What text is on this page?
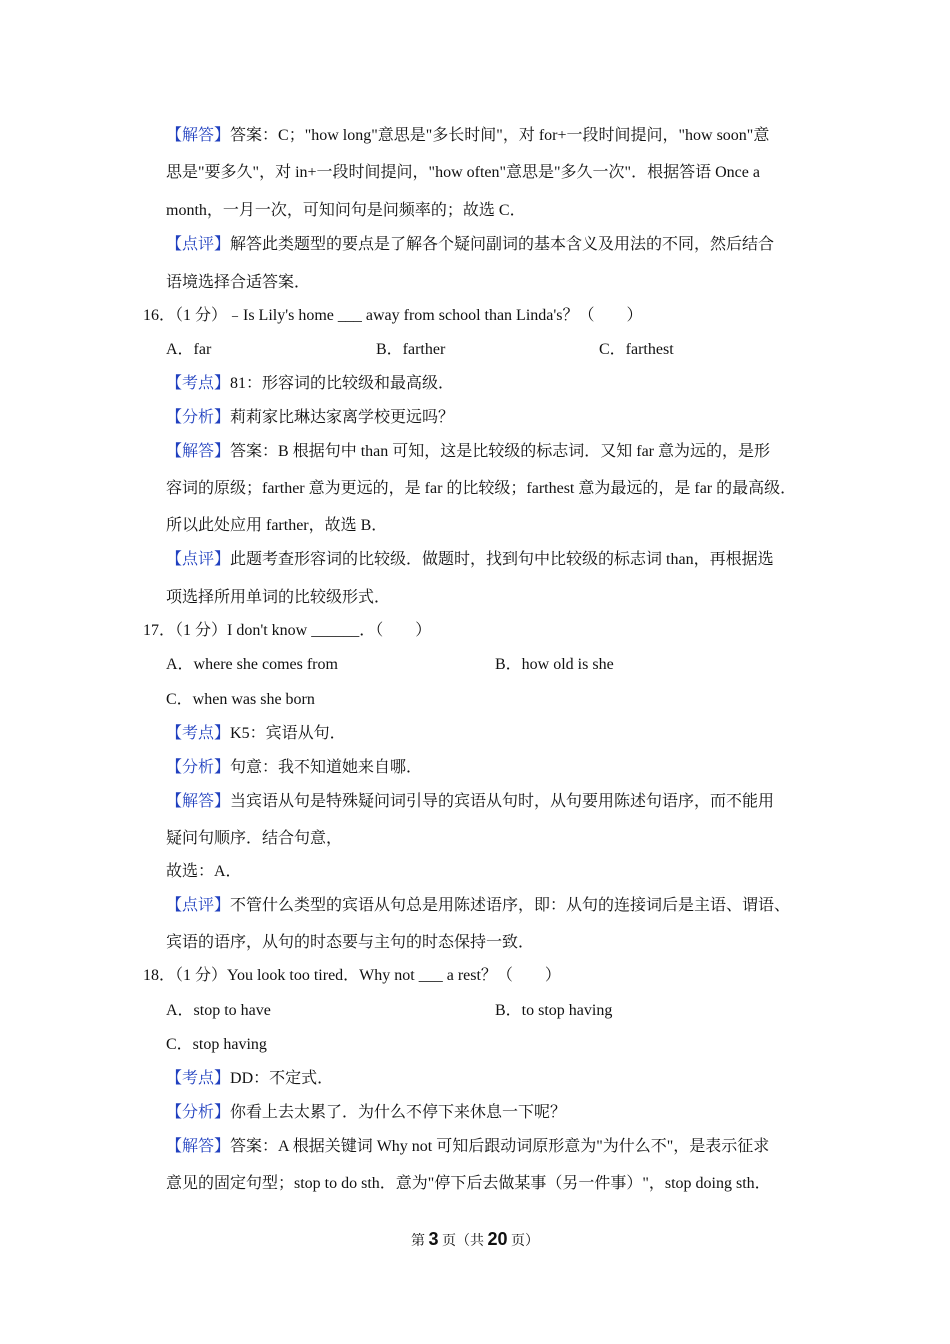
【解答】答案：C；"how long"意思是"多长时间"，对 for+一段时间提问，"how soon"意
思是"要多久"，对 in+一段时间提问，"how often"意思是"多久一次"．根据答语 Once a
month，一月一次，可知问句是问频率的；故选 C．
【点评】解答此类题型的要点是了解各个疑问副词的基本含义及用法的不同，然后结合
语境选择合适答案．
16．（1 分）﹣Is Lily's home ___ away from school than Linda's？（　　）
A．far	B．farther	C．farthest
【考点】81：形容词的比较级和最高级．
【分析】莉莉家比琳达家离学校更远吗？
【解答】答案：B 根据句中 than 可知，这是比较级的标志词．又知 far 意为远的，是形
容词的原级；farther 意为更远的，是 far 的比较级；farthest 意为最远的，是 far 的最高级．
所以此处应用 farther，故选 B．
【点评】此题考查形容词的比较级．做题时，找到句中比较级的标志词 than，再根据选
项选择所用单词的比较级形式．
17．（1 分）I don't know ______．（　　）
A．where she comes from	B．how old is she
C．when was she born
【考点】K5：宾语从句．
【分析】句意：我不知道她来自哪．
【解答】当宾语从句是特殊疑问词引导的宾语从句时，从句要用陈述句语序，而不能用
疑问句顺序．结合句意，
故选：A．
【点评】不管什么类型的宾语从句总是用陈述语序，即：从句的连接词后是主语、谓语、
宾语的语序，从句的时态要与主句的时态保持一致．
18．（1 分）You look too tired．Why not ___ a rest？（　　）
A．stop to have	B．to stop having
C．stop having
【考点】DD：不定式．
【分析】你看上去太累了．为什么不停下来休息一下呢？
【解答】答案：A 根据关键词 Why not 可知后跟动词原形意为"为什么不"，是表示征求
意见的固定句型；stop to do sth．意为"停下后去做某事（另一件事）"，stop doing sth．
第 3 页（共 20 页）
